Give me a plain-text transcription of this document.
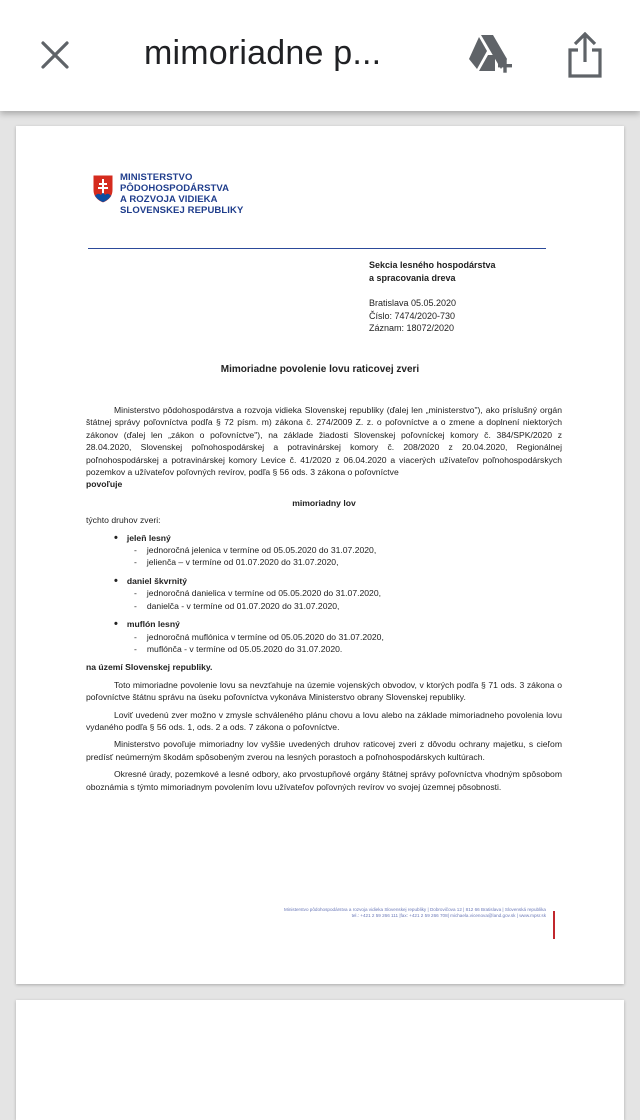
mimoriadne p...
MINISTERSTVO
PÔDOHOSPODÁRSTVA
A ROZVOJA VIDIEKA
SLOVENSKEJ REPUBLIKY
Sekcia lesného hospodárstva
a spracovania dreva
Bratislava 05.05.2020
Číslo: 7474/2020-730
Záznam: 18072/2020
Mimoriadne povolenie lovu raticovej zveri

Ministerstvo pôdohospodárstva a rozvoja vidieka Slovenskej republiky (ďalej len „ministerstvo"), ako príslušný orgán štátnej správy poľovníctva podľa § 72 písm. m) zákona č. 274/2009 Z. z. o poľovníctve a o zmene a doplnení niektorých zákonov (ďalej len „zákon o poľovníctve"), na základe žiadosti Slovenskej poľovníckej komory č. 384/SPK/2020 z 28.04.2020, Slovenskej poľnohospodárskej a potravinárskej komory č. 208/2020 z 20.04.2020, Regionálnej poľnohospodárskej a potravinárskej komory Levice č. 41/2020 z 06.04.2020 a viacerých užívateľov poľnohospodárskych pozemkov a užívateľov poľovných revírov, podľa § 56 ods. 3 zákona o poľovníctve

povoľuje

mimoriadny lov

týchto druhov zveri:

• jeleň lesný
- jednoročná jelenica v termíne od 05.05.2020 do 31.07.2020,
- jelienča – v termíne od 01.07.2020 do 31.07.2020,
• daniel škvrnitý
- jednoročná danielica v termíne od 05.05.2020 do 31.07.2020,
- danielča - v termíne od 01.07.2020 do 31.07.2020,
• muflón lesný
- jednoročná muflónica v termíne od 05.05.2020 do 31.07.2020,
- muflónča - v termíne od 05.05.2020 do 31.07.2020.

na území Slovenskej republiky.

Toto mimoriadne povolenie lovu sa nevzťahuje na územie vojenských obvodov, v ktorých podľa § 71 ods. 3 zákona o poľovníctve štátnu správu na úseku poľovníctva vykonáva Ministerstvo obrany Slovenskej republiky.

Loviť uvedenú zver možno v zmysle schváleného plánu chovu a lovu alebo na základe mimoriadneho povolenia lovu vydaného podľa § 56 ods. 1, ods. 2 a ods. 7 zákona o poľovníctve.

Ministerstvo povoľuje mimoriadny lov vyššie uvedených druhov raticovej zveri z dôvodu ochrany majetku, s cieľom predísť neúmerným škodám spôsobeným zverou na lesných porastoch a poľnohospodárskych kultúrach.

Okresné úrady, pozemkové a lesné odbory, ako prvostupňové orgány štátnej správy poľovníctva vhodným spôsobom oboznámia s týmto mimoriadnym povolením lovu užívateľov poľovných revírov vo svojej územnej pôsobnosti.

Ministerstvo pôdohospodárstva a rozvoja vidieka Slovenskej republiky | Dobrovičova 12 | 812 66 Bratislava | Slovenská republika
tel.: +421 2 59 266 111 |fax: +421 2 59 266 708| michaela.vicenova@land.gov.sk | www.mpsr.sk
